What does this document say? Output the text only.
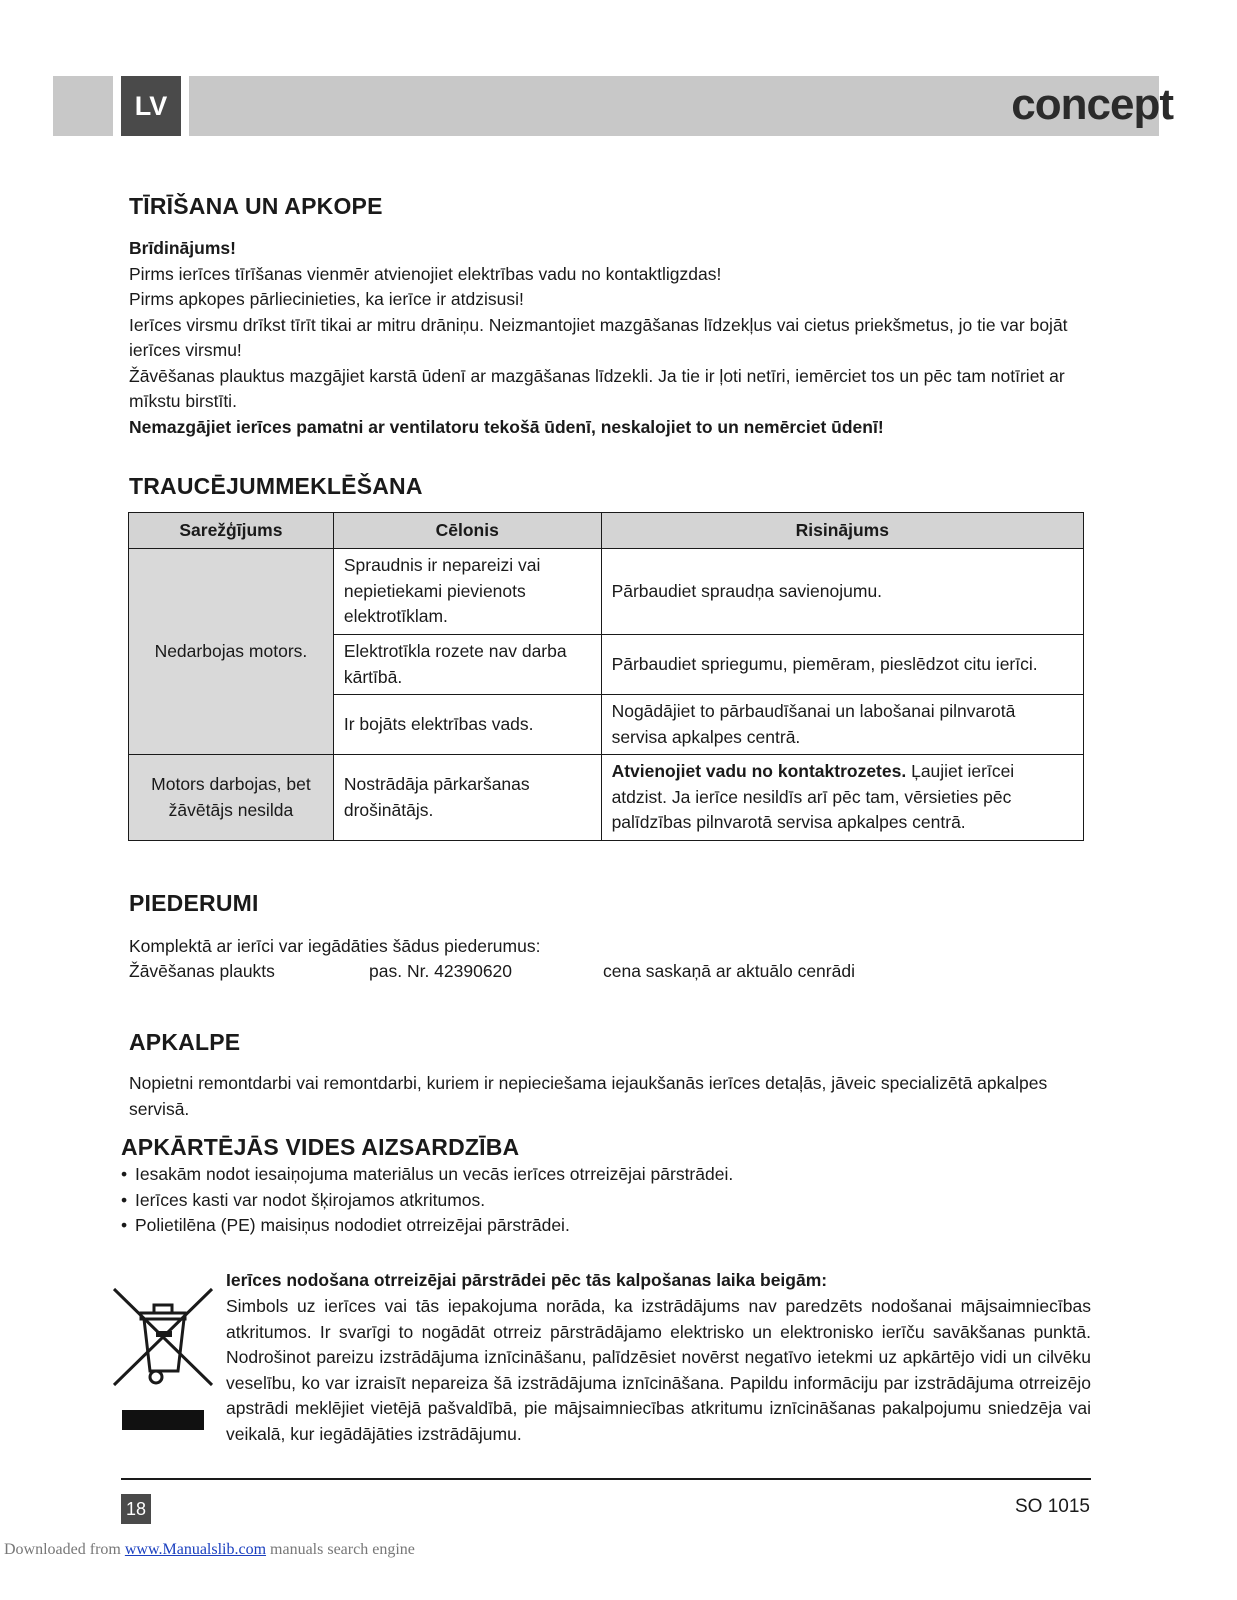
LV	concept
TĪRĪŠANA UN APKOPE

Brīdinājums!

Pirms ierīces tīrīšanas vienmēr atvienojiet elektrības vadu no kontaktligzdas!

Pirms apkopes pārliecinieties, ka ierīce ir atdzisusi!

Ierīces virsmu drīkst tīrīt tikai ar mitru drāniņu. Neizmantojiet mazgāšanas līdzekļus vai cietus priekšmetus, jo tie var bojāt ierīces virsmu!

Žāvēšanas plauktus mazgājiet karstā ūdenī ar mazgāšanas līdzekli. Ja tie ir ļoti netīri, iemērciet tos un pēc tam notīriet ar mīkstu birstīti.

Nemazgājiet ierīces pamatni ar ventilatoru tekošā ūdenī, neskalojiet to un nemērciet ūdenī!

TRAUCĒJUMMEKLĒŠANA
Sarežģījums	Cēlonis	Risinājums
Nedarbojas motors.	Spraudnis ir nepareizi vai nepietiekami pievienots elektrotīklam.	Pārbaudiet spraudņa savienojumu.
	Elektrotīkla rozete nav darba kārtībā.	Pārbaudiet spriegumu, piemēram, pieslēdzot citu ierīci.
	Ir bojāts elektrības vads.	Nogādājiet to pārbaudīšanai un labošanai pilnvarotā servisa apkalpes centrā.
Motors darbojas, bet žāvētājs nesilda	Nostrādāja pārkaršanas drošinātājs.	Atvienojiet vadu no kontaktrozetes. Ļaujiet ierīcei atdzist. Ja ierīce nesildīs arī pēc tam, vērsieties pēc palīdzības pilnvarotā servisa apkalpes centrā.
PIEDERUMI
Komplektā ar ierīci var iegādāties šādus piederumus:
Žāvēšanas plaukts	pas. Nr. 42390620	cena saskaņā ar aktuālo cenrādi
APKALPE

Nopietni remontdarbi vai remontdarbi, kuriem ir nepieciešama iejaukšanās ierīces detaļās, jāveic specializētā apkalpes servisā.

APKĀRTĒJĀS VIDES AIZSARDZĪBA
• Iesakām nodot iesaiņojuma materiālus un vecās ierīces otrreizējai pārstrādei.
• Ierīces kasti var nodot šķirojamos atkritumos.
• Polietilēna (PE) maisiņus nododiet otrreizējai pārstrādei.
Ierīces nodošana otrreizējai pārstrādei pēc tās kalpošanas laika beigām:

Simbols uz ierīces vai tās iepakojuma norāda, ka izstrādājums nav paredzēts nodošanai mājsaimniecības atkritumos. Ir svarīgi to nogādāt otrreiz pārstrādājamo elektrisko un elektronisko ierīču savākšanas punktā. Nodrošinot pareizu izstrādājuma iznīcināšanu, palīdzēsiet novērst negatīvo ietekmi uz apkārtējo vidi un cilvēku veselību, ko var izraisīt nepareiza šā izstrādājuma iznīcināšana. Papildu informāciju par izstrādājuma otrreizējo apstrādi meklējiet vietējā pašvaldībā, pie mājsaimniecības atkritumu iznīcināšanas pakalpojumu sniedzēja vai veikalā, kur iegādājāties izstrādājumu.

18	SO 1015
Downloaded from www.Manualslib.com manuals search engine
